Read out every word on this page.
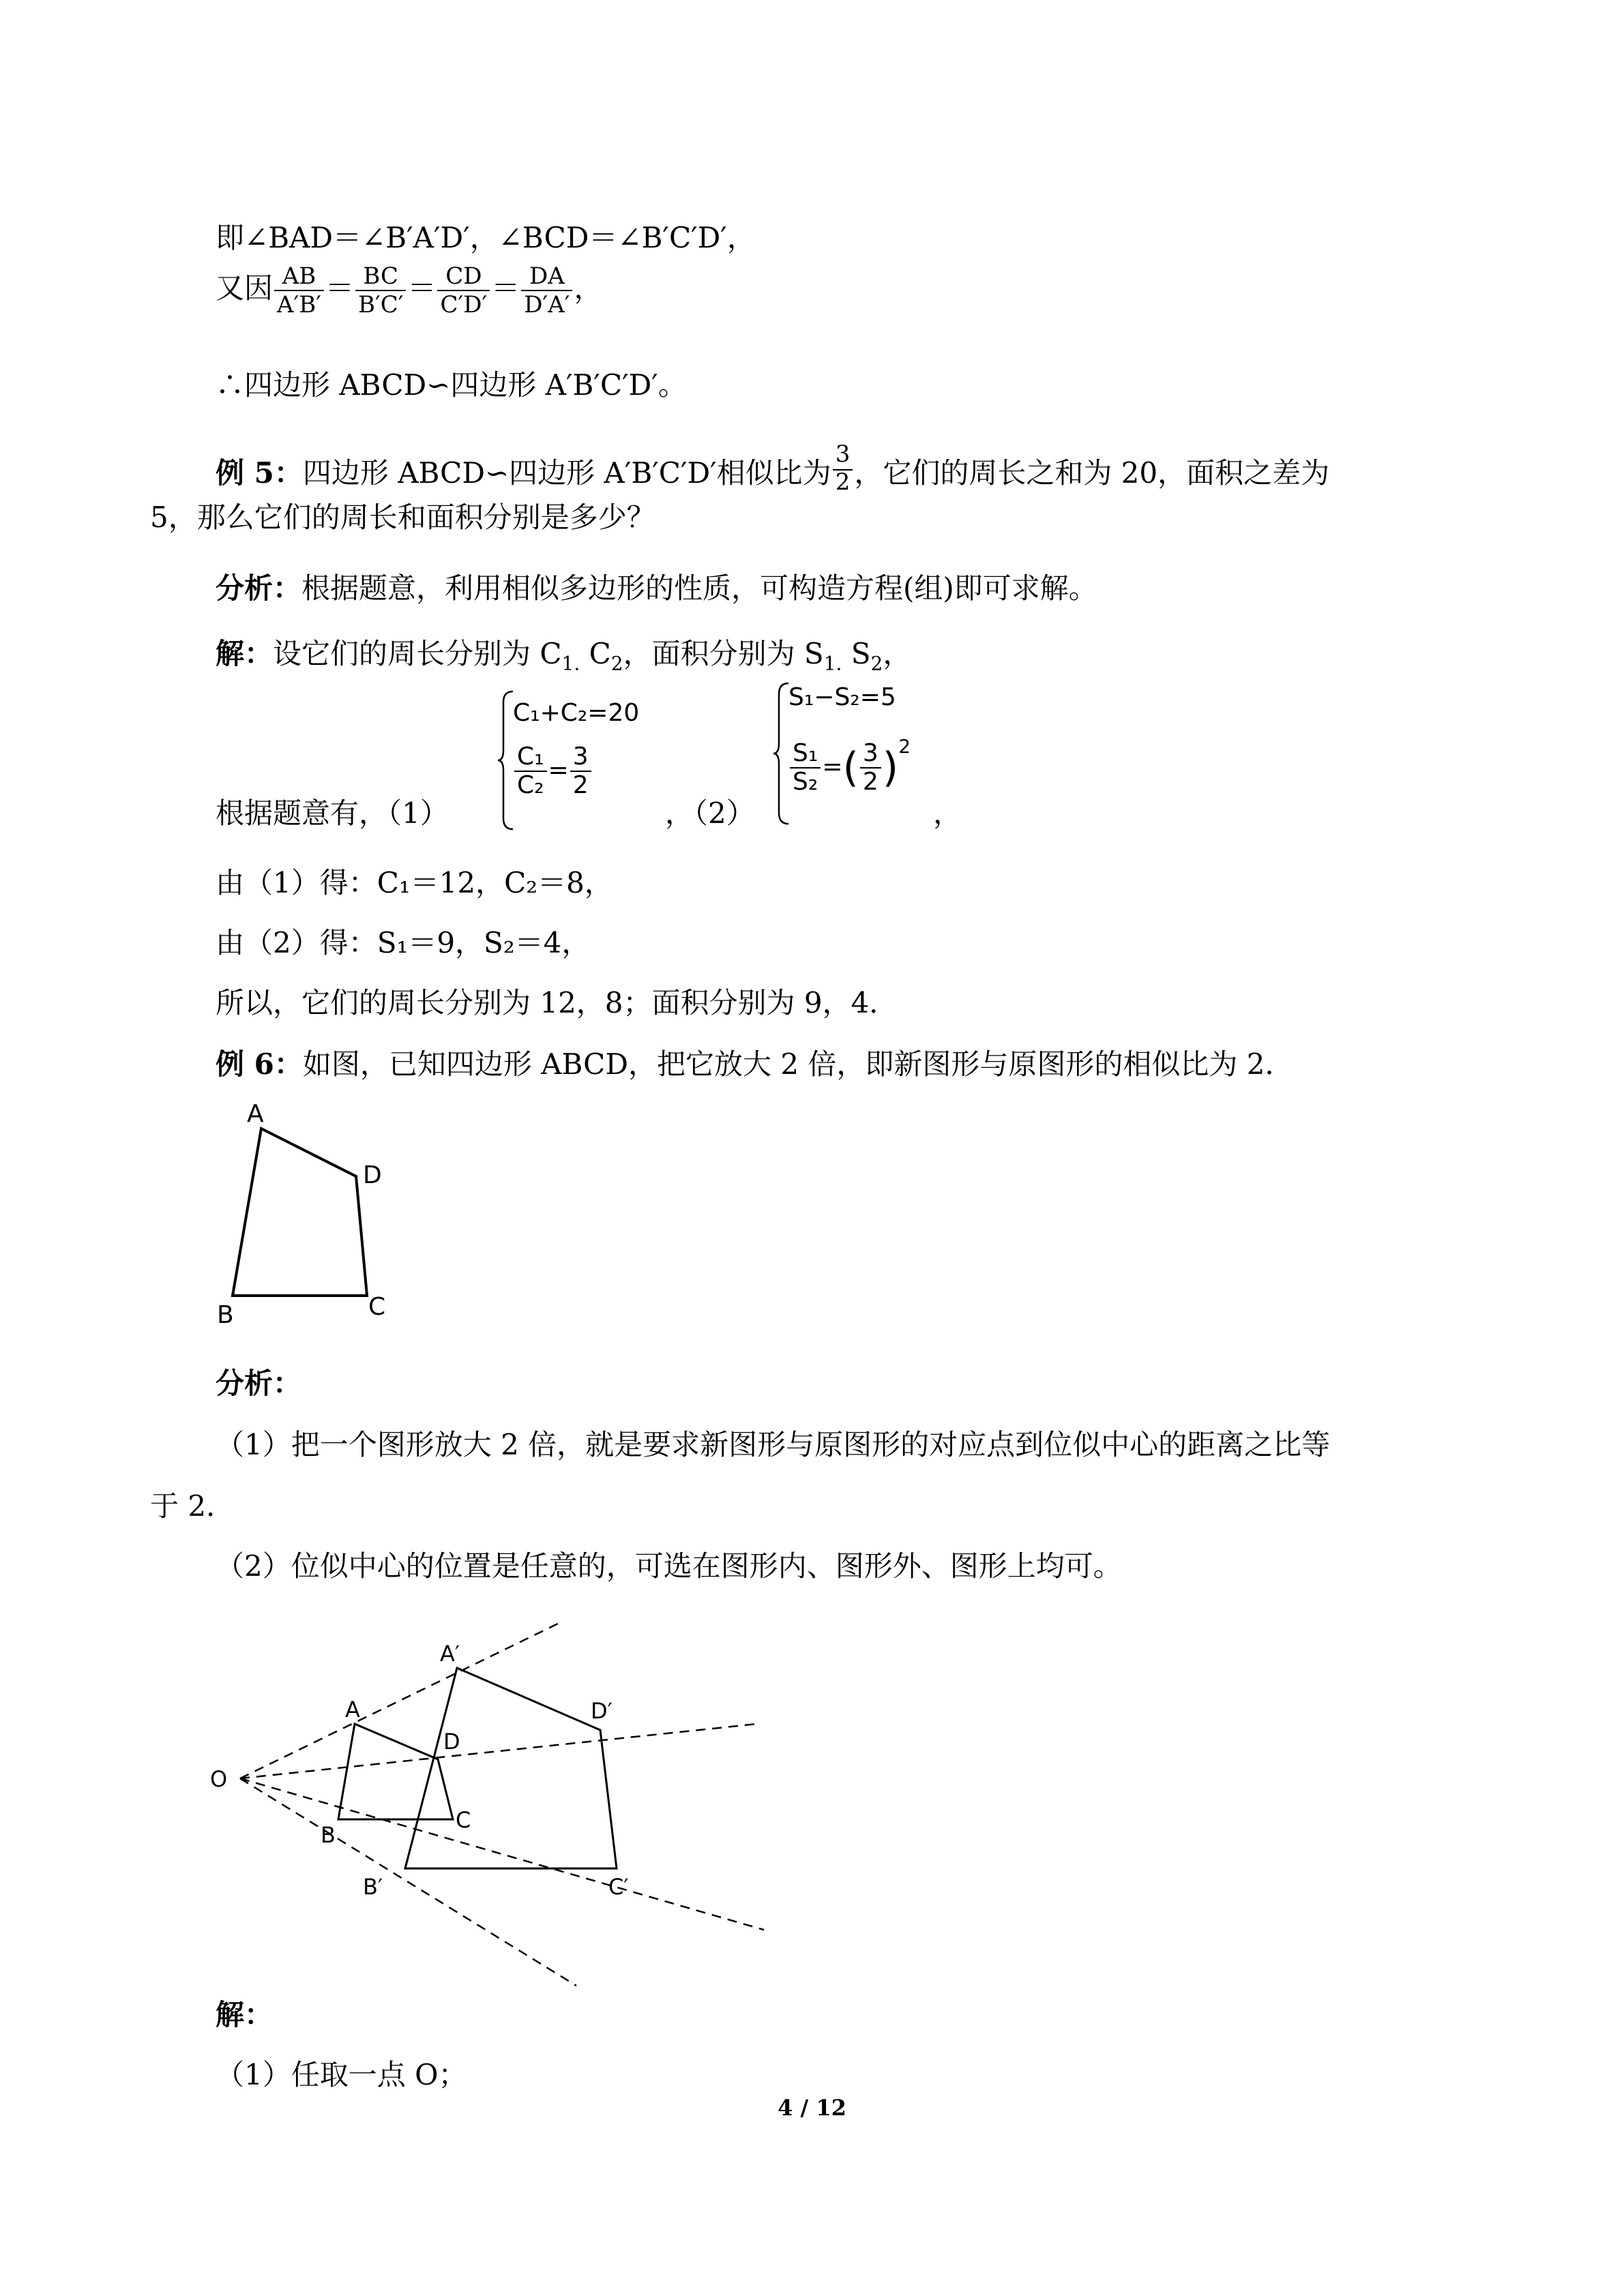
即∠BAD＝∠B′A′D′，∠BCD＝∠B′C′D′，
又因 $\frac{AB}{A'B'} = \frac{BC}{B'C'} = \frac{CD}{C'D'} = \frac{DA}{D'A'}$ ，
∴四边形 ABCD∽四边形 A′B′C′D′。
例 5：四边形 ABCD∽四边形 A′B′C′D′相似比为 $\frac{3}{2}$ ，它们的周长之和为 20，面积之差为
5，那么它们的周长和面积分别是多少？
分析：根据题意，利用相似多边形的性质，可构造方程(组)即可求解。
解：设它们的周长分别为 $C_{1.}$ $C_2$，面积分别为 $S_{1.}$ $S_2$，
根据题意有，（1）	，（2）	，
C₁+C₂=20
$\frac{\text{C₁}}{\text{C₂}} = \frac{3}{2}$
S₁−S₂=5
$\frac{\text{S₁}}{\text{S₂}}$ =( $\frac{3}{2} )^2$
由（1）得：C₁＝12，C₂＝8，
由（2）得：S₁＝9，S₂＝4，
所以，它们的周长分别为 12，8；面积分别为 9，4．
例 6：如图，已知四边形 ABCD，把它放大 2 倍，即新图形与原图形的相似比为 2．
A
D
B	C
分析：
（1）把一个图形放大 2 倍，就是要求新图形与原图形的对应点到位似中心的距离之比等
于 2．
（2）位似中心的位置是任意的，可选在图形内、图形外、图形上均可。
O
A
D
C
B
A′
D′
C′
B′
解：
（1）任取一点 O；
4 / 12
